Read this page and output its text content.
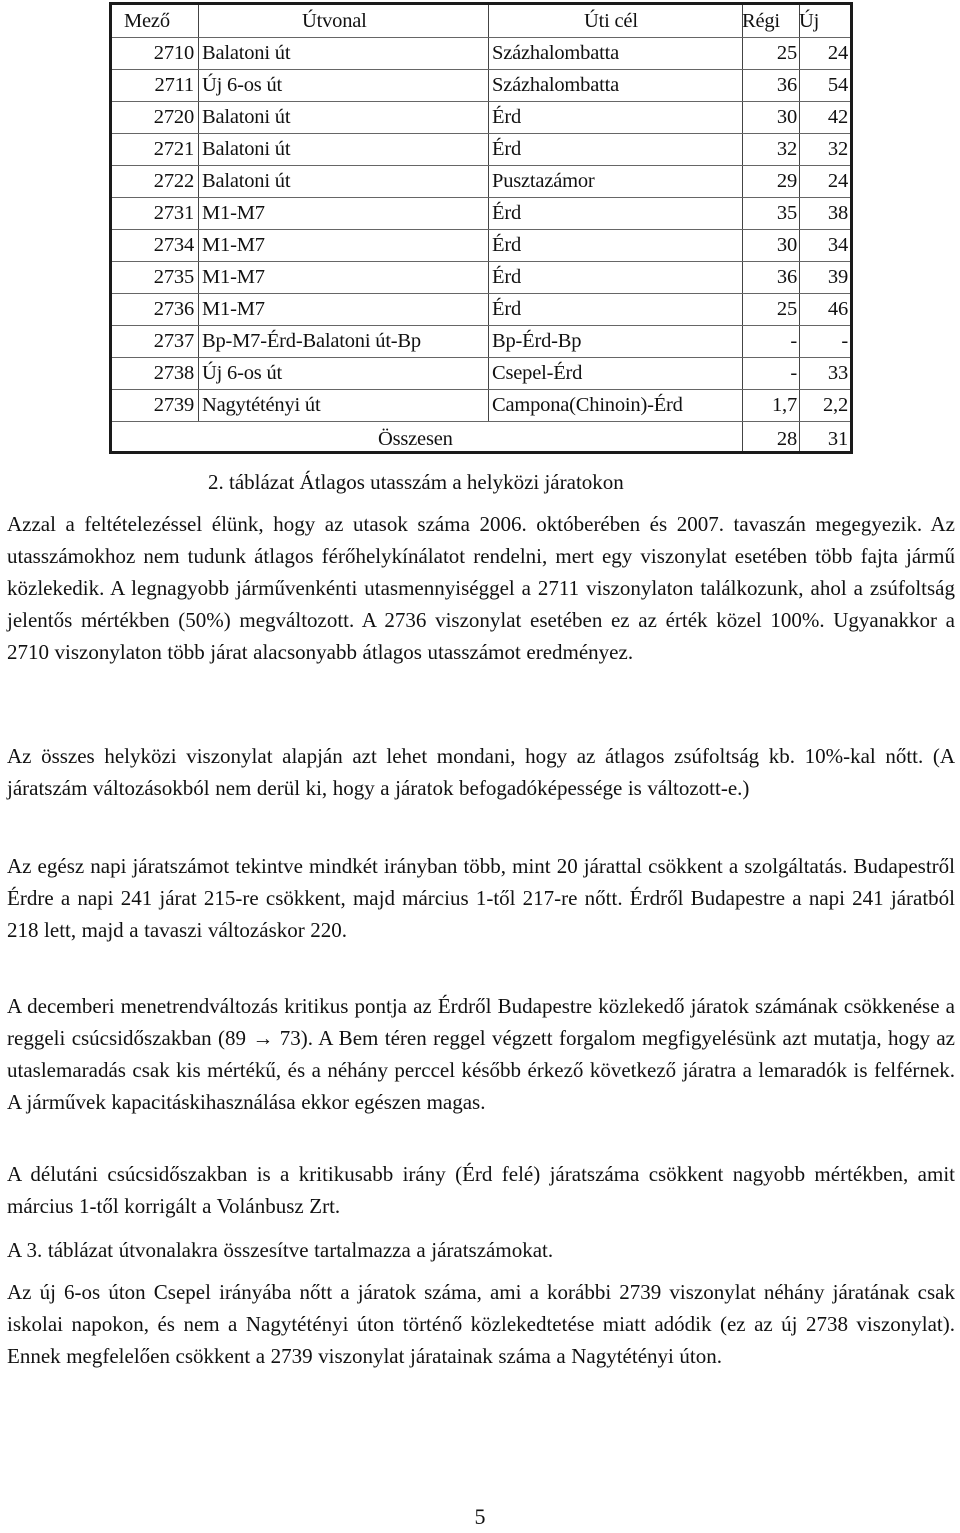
Mező	Útvonal	Úti cél	Régi Új
2710 Balatoni út	Százhalombatta	25	24
2711 Új 6-os út	Százhalombatta	36	54
2720 Balatoni út	Érd	30	42
2721 Balatoni út	Érd	32	32
2722 Balatoni út	Pusztazámor	29	24
2731 M1-M7	Érd	35	38
2734 M1-M7	Érd	30	34
2735 M1-M7	Érd	36	39
2736 M1-M7	Érd	25	46
2737 Bp-M7-Érd-Balatoni út-Bp	Bp-Érd-Bp	-	-
2738 Új 6-os út	Csepel-Érd	-	33
2739 Nagytétényi út	Campona(Chinoin)-Érd	1,7	2,2
Összesen	28	31
2. táblázat Átlagos utasszám a helyközi járatokon

Azzal a feltételezéssel élünk, hogy az utasok száma 2006. októberében és 2007. tavaszán megegyezik. Az utasszámokhoz nem tudunk átlagos férőhelykínálatot rendelni, mert egy viszonylat esetében több fajta jármű közlekedik. A legnagyobb járművenkénti utasmennyiséggel a 2711 viszonylaton találkozunk, ahol a zsúfoltság jelentős mértékben (50%) megváltozott. A 2736 viszonylat esetében ez az érték közel 100%. Ugyanakkor a 2710 viszonylaton több járat alacsonyabb átlagos utasszámot eredményez.

Az összes helyközi viszonylat alapján azt lehet mondani, hogy az átlagos zsúfoltság kb. 10%-kal nőtt. (A járatszám változásokból nem derül ki, hogy a járatok befogadóképessége is változott-e.)

Az egész napi járatszámot tekintve mindkét irányban több, mint 20 járattal csökkent a szolgáltatás. Budapestről Érdre a napi 241 járat 215-re csökkent, majd március 1-től 217-re nőtt. Érdről Budapestre a napi 241 járatból 218 lett, majd a tavaszi változáskor 220.

A decemberi menetrendváltozás kritikus pontja az Érdről Budapestre közlekedő járatok számának csökkenése a reggeli csúcsidőszakban (89 → 73). A Bem téren reggel végzett forgalom megfigyelésünk azt mutatja, hogy az utaslemaradás csak kis mértékű, és a néhány perccel később érkező következő járatra a lemaradók is felférnek. A járművek kapacitáskihasználása ekkor egészen magas.

A délutáni csúcsidőszakban is a kritikusabb irány (Érd felé) járatszáma csökkent nagyobb mértékben, amit március 1-től korrigált a Volánbusz Zrt.

A 3. táblázat útvonalakra összesítve tartalmazza a járatszámokat.

Az új 6-os úton Csepel irányába nőtt a járatok száma, ami a korábbi 2739 viszonylat néhány járatának csak iskolai napokon, és nem a Nagytétényi úton történő közlekedtetése miatt adódik (ez az új 2738 viszonylat). Ennek megfelelően csökkent a 2739 viszonylat járatainak száma a Nagytétényi úton.

5
